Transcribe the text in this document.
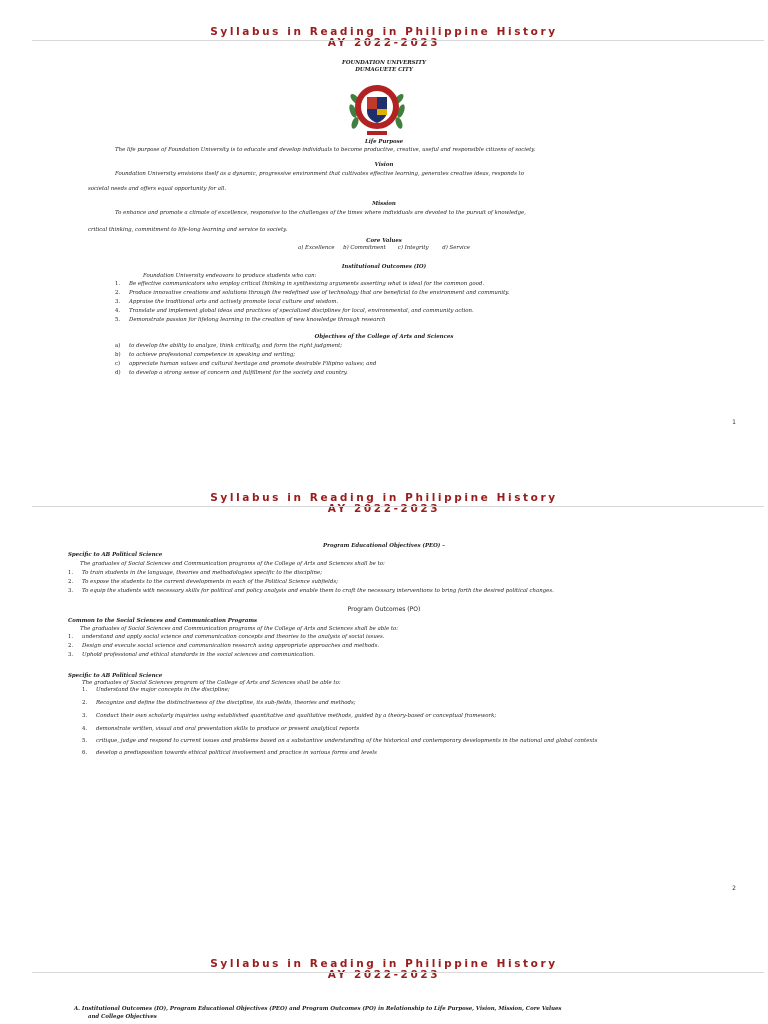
Syllabus in Reading in Philippine History
AY 2022-2023
FOUNDATION UNIVERSITY
DUMAGUETE CITY
Life Purpose
The life purpose of Foundation University is to educate and develop individuals to become productive, creative, useful and responsible citizens of society.
Vision
Foundation University envisions itself as a dynamic, progressive environment that cultivates effective learning, generates creative ideas, responds to
societal needs and offers equal opportunity for all.
Mission
To enhance and promote a climate of excellence, responsive to the challenges of the times where individuals are devoted to the pursuit of knowledge,
critical thinking, commitment to life-long learning and service to society.
Core Values
a) Excellence     b) Commitment       c) Integrity        d) Service
Institutional Outcomes (IO)
Foundation University endeavors to produce students who can:
1. Be effective communicators who employ critical thinking in synthesizing arguments asserting what is ideal for the common good.
2. Produce innovative creations and solutions through the redefined use of technology that are beneficial to the environment and community.
3. Appraise the traditional arts and actively promote local culture and wisdom.
4. Translate and implement global ideas and practices of specialized disciplines for local, environmental, and community action.
5. Demonstrate passion for lifelong learning in the creation of new knowledge through research
Objectives of the College of Arts and Sciences
a) to develop the ability to analyze, think critically, and form the right judgment;
b) to achieve professional competence in speaking and writing;
c) appreciate human values and cultural heritage and promote desirable Filipino values; and
d) to develop a strong sense of concern and fulfillment for the society and country.
1
Syllabus in Reading in Philippine History
AY 2022-2023
Program Educational Objectives (PEO) –
Specific to AB Political Science
The graduates of Social Sciences and Communication programs of the College of Arts and Sciences shall be to:
1. To train students in the language, theories and methodologies specific to the discipline;
2. To expose the students to the current developments in each of the Political Science subfields;
3. To equip the students with necessary skills for political and policy analysis and enable them to craft the necessary interventions to bring forth the desired political changes.
Program Outcomes (PO)
Common to the Social Sciences and Communication Programs
The graduates of Social Sciences and Communication programs of the College of Arts and Sciences shall be able to:
1. understand and apply social science and communication concepts and theories to the analysis of social issues.
2. Design and execute social science and communication research using appropriate approaches and methods.
3. Uphold professional and ethical standards in the social sciences and communication.
Specific to AB Political Science
The graduates of Social Sciences program of the College of Arts and Sciences shall be able to:
1. Understand the major concepts in the discipline;
2. Recognize and define the distinctiveness of the discipline, its sub-fields, theories and methods;
3. Conduct their own scholarly inquiries using established quantitative and qualitative methods, guided by a theory-based or conceptual framework;
4. demonstrate written, visual and oral presentation skills to produce or present analytical reports
5. critique, judge and respond to current issues and problems based on a substantive understanding of the historical and contemporary developments in the national and global contexts
6. develop a predisposition towards ethical political involvement and practice in various forms and levels
2
Syllabus in Reading in Philippine History
AY 2022-2023
A. Institutional Outcomes (IO), Program Educational Objectives (PEO) and Program Outcomes (PO) in Relationship to Life Purpose, Vision, Mission, Core Values
and College Objectives
